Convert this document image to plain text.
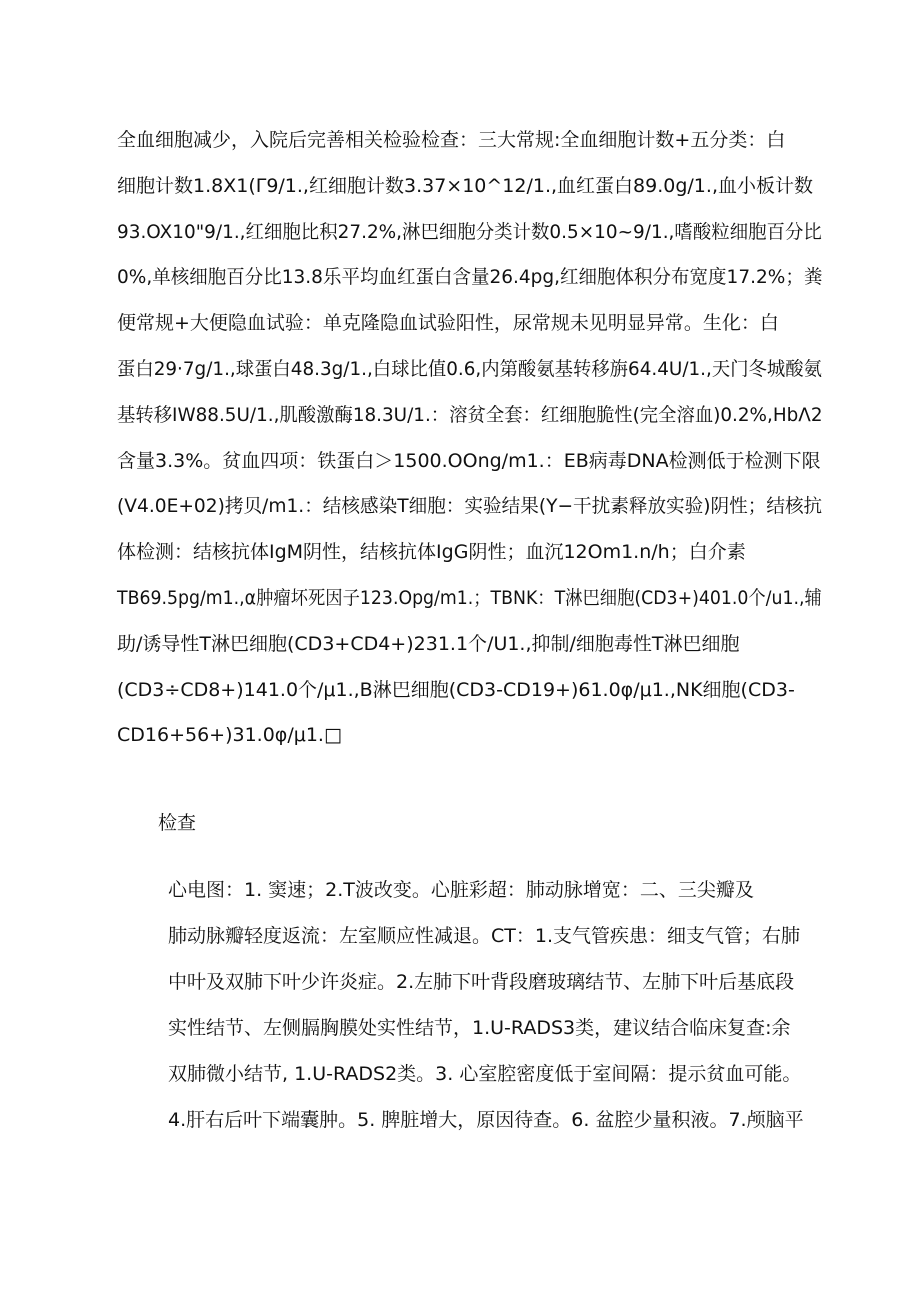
全血细胞减少，入院后完善相关检验检查：三大常规:全血细胞计数+五分类：白
细胞计数1.8X1(Γ9/1.,红细胞计数3.37×10^12/1.,血红蛋白89.0g/1.,血小板计数
93.OX10"9/1.,红细胞比积27.2%,淋巴细胞分类计数0.5×10~9/1.,嗜酸粒细胞百分比
0%,单核细胞百分比13.8乐平均血红蛋白含量26.4pg,红细胞体积分布宽度17.2%；粪
便常规+大便隐血试验：单克隆隐血试验阳性，尿常规未见明显异常。生化：白
蛋白29·7g/1.,球蛋白48.3g/1.,白球比值0.6,内第酸氨基转移旃64.4U/1.,天门冬城酸氨
基转移IW88.5U/1.,肌酸激酶18.3U/1.：溶贫全套：红细胞脆性(完全溶血)0.2%,HbΛ2
含量3.3%。贫血四项：铁蛋白＞1500.OOng/m1.：EB病毒DNA检测低于检测下限
(V4.0E+02)拷贝/m1.：结核感染T细胞：实验结果(Y−干扰素释放实验)阴性；结核抗
体检测：结核抗体IgM阴性，结核抗体IgG阴性；血沉12Om1.n/h；白介素
TB69.5pg/m1.,α肿瘤坏死因子123.Opg/m1.；TBNK：T淋巴细胞(CD3+)401.0个/u1.,辅
助/诱导性T淋巴细胞(CD3+CD4+)231.1个/U1.,抑制/细胞毒性T淋巴细胞
(CD3÷CD8+)141.0个/μ1.,B淋巴细胞(CD3-CD19+)61.0φ/μ1.,NK细胞(CD3-
CD16+56+)31.0φ/μ1.□

检查

心电图：1. 窦速；2.T波改变。心脏彩超：肺动脉增宽：二、三尖瓣及
肺动脉瓣轻度返流：左室顺应性减退。CT：1.支气管疾患：细支气管；右肺
中叶及双肺下叶少许炎症。2.左肺下叶背段磨玻璃结节、左肺下叶后基底段
实性结节、左侧膈胸膜处实性结节，1.U-RADS3类，建议结合临床复查:余
双肺微小结节, 1.U-RADS2类。3. 心室腔密度低于室间隔：提示贫血可能。
4.肝右后叶下端囊肿。5. 脾脏增大，原因待查。6. 盆腔少量积液。7.颅脑平
